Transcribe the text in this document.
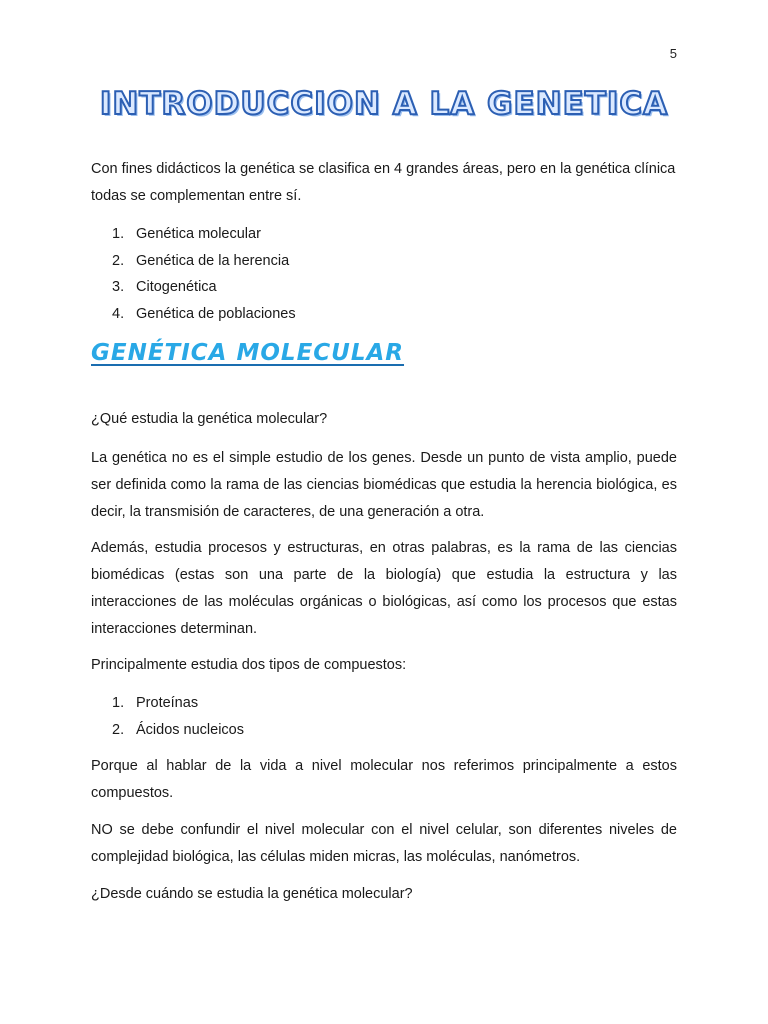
5
INTRODUCCION A LA GENETICA

Con fines didácticos la genética se clasifica en 4 grandes áreas, pero en la genética clínica todas se complementan entre sí.

1. Genética molecular
2. Genética de la herencia
3. Citogenética
4. Genética de poblaciones
GENÉTICA MOLECULAR

¿Qué estudia la genética molecular?

La genética no es el simple estudio de los genes. Desde un punto de vista amplio, puede ser definida como la rama de las ciencias biomédicas que estudia la herencia biológica, es decir, la transmisión de caracteres, de una generación a otra.

Además, estudia procesos y estructuras, en otras palabras, es la rama de las ciencias biomédicas (estas son una parte de la biología) que estudia la estructura y las interacciones de las moléculas orgánicas o biológicas, así como los procesos que estas interacciones determinan.

Principalmente estudia dos tipos de compuestos:

1. Proteínas
2. Ácidos nucleicos

Porque al hablar de la vida a nivel molecular nos referimos principalmente a estos compuestos.

NO se debe confundir el nivel molecular con el nivel celular, son diferentes niveles de complejidad biológica, las células miden micras, las moléculas, nanómetros.

¿Desde cuándo se estudia la genética molecular?
